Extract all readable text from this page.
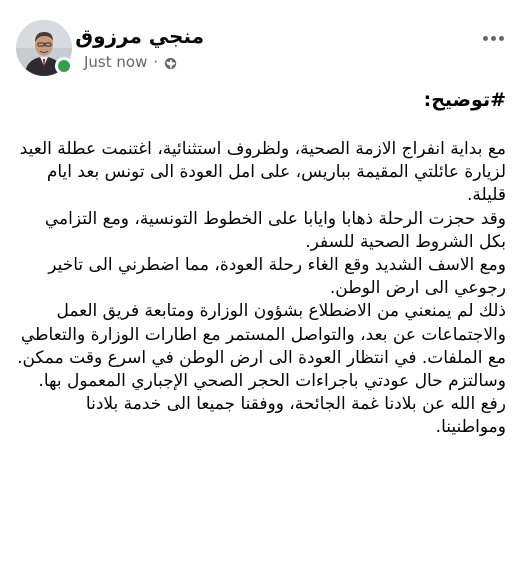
منجي مرزوق
Just now ·

#توضيح:

مع بداية انفراج الازمة الصحية، ولظروف استثنائية، اغتنمت عطلة العيد لزيارة عائلتي المقيمة بباريس، على امل العودة الى تونس بعد ايام قليلة.

وقد حجزت الرحلة ذهابا وايابا على الخطوط التونسية، ومع التزامي بكل الشروط الصحية للسفر.

ومع الاسف الشديد وقع الغاء رحلة العودة، مما اضطرني الى تاخير رجوعي الى ارض الوطن.

ذلك لم يمنعني من الاضطلاع بشؤون الوزارة ومتابعة فريق العمل والاجتماعات عن بعد، والتواصل المستمر مع اطارات الوزارة والتعاطي مع الملفات. في انتظار العودة الى ارض الوطن في اسرع وقت ممكن.

وسالتزم حال عودتي باجراءات الحجر الصحي الإجباري المعمول بها.

رفع الله عن بلادنا غمة الجائحة، ووفقنا جميعا الى خدمة بلادنا ومواطنينا.
